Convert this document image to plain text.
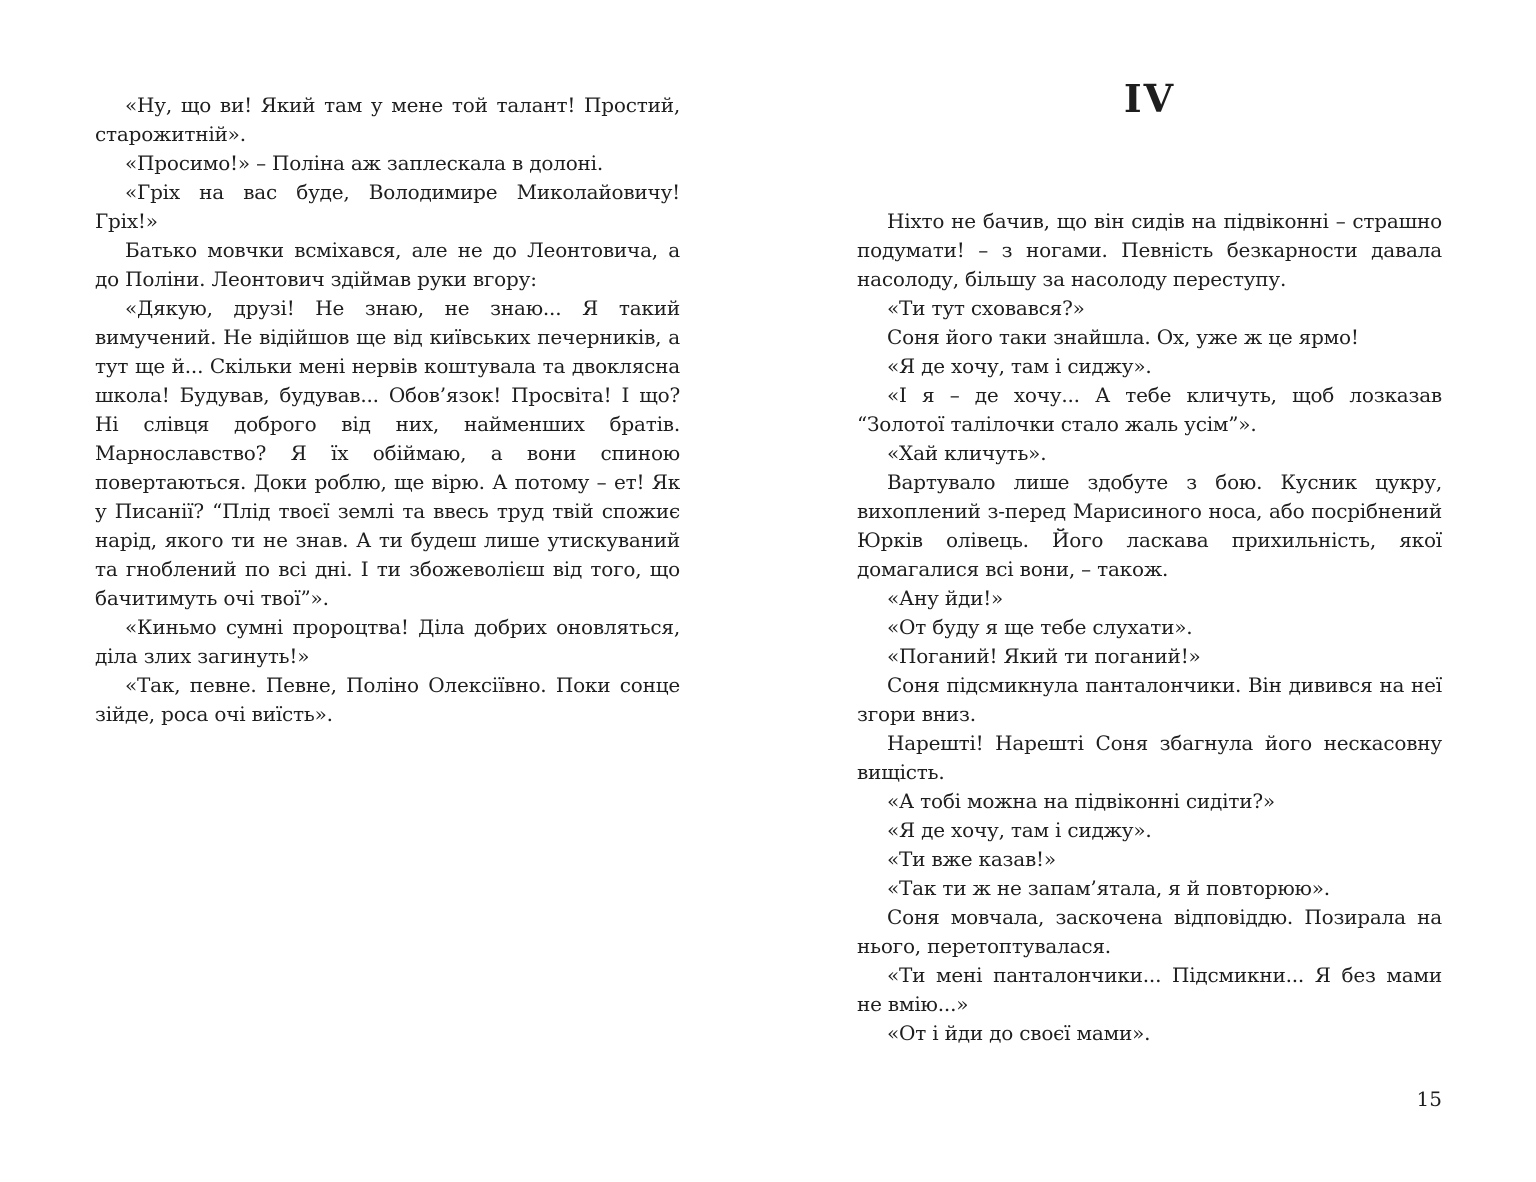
«Ну, що ви! Який там у мене той талант! Простий, старожитній».

«Просимо!» – Поліна аж заплескала в долоні.

«Гріх на вас буде, Володимире Миколайовичу! Гріх!»

Батько мовчки всміхався, але не до Леонтовича, а до Поліни. Леонтович здіймав руки вгору:

«Дякую, друзі! Не знаю, не знаю... Я такий вимучений. Не відійшов ще від київських печерників, а тут ще й... Скільки мені нервів коштувала та двоклясна школа! Будував, будував... Обов’язок! Просвіта! І що? Ні слівця доброго від них, найменших братів. Марнославство? Я їх обіймаю, а вони спиною повертаються. Доки роблю, ще вірю. А потому – ет! Як у Писанії? “Плід твоєї землі та ввесь труд твій спожиє нарід, якого ти не знав. А ти будеш лише утискуваний та гноблений по всі дні. І ти збожеволієш від того, що бачитимуть очі твої”».

«Киньмо сумні пророцтва! Діла добрих оновляться, діла злих загинуть!»

«Так, певне. Певне, Поліно Олексіївно. Поки сонце зійде, роса очі виїсть».

IV

Ніхто не бачив, що він сидів на підвіконні – страшно подумати! – з ногами. Певність безкарности давала насолоду, більшу за насолоду переступу.

«Ти тут сховався?»

Соня його таки знайшла. Ох, уже ж це ярмо!

«Я де хочу, там і сиджу».

«І я – де хочу... А тебе кличуть, щоб лозказав “Золотої талілочки стало жаль усім”».

«Хай кличуть».

Вартувало лише здобуте з бою. Кусник цукру, вихоплений з-перед Марисиного носа, або посрібнений Юрків олівець. Його ласкава прихильність, якої домагалися всі вони, – також.

«Ану йди!»

«От буду я ще тебе слухати».

«Поганий! Який ти поганий!»

Соня підсмикнула панталончики. Він дивився на неї згори вниз.

Нарешті! Нарешті Соня збагнула його нескасовну вищість.

«А тобі можна на підвіконні сидіти?»

«Я де хочу, там і сиджу».

«Ти вже казав!»

«Так ти ж не запам’ятала, я й повторюю».

Соня мовчала, заскочена відповіддю. Позирала на нього, перетоптувалася.

«Ти мені панталончики... Підсмикни... Я без мами не вмію...»

«От і йди до своєї мами».

15
